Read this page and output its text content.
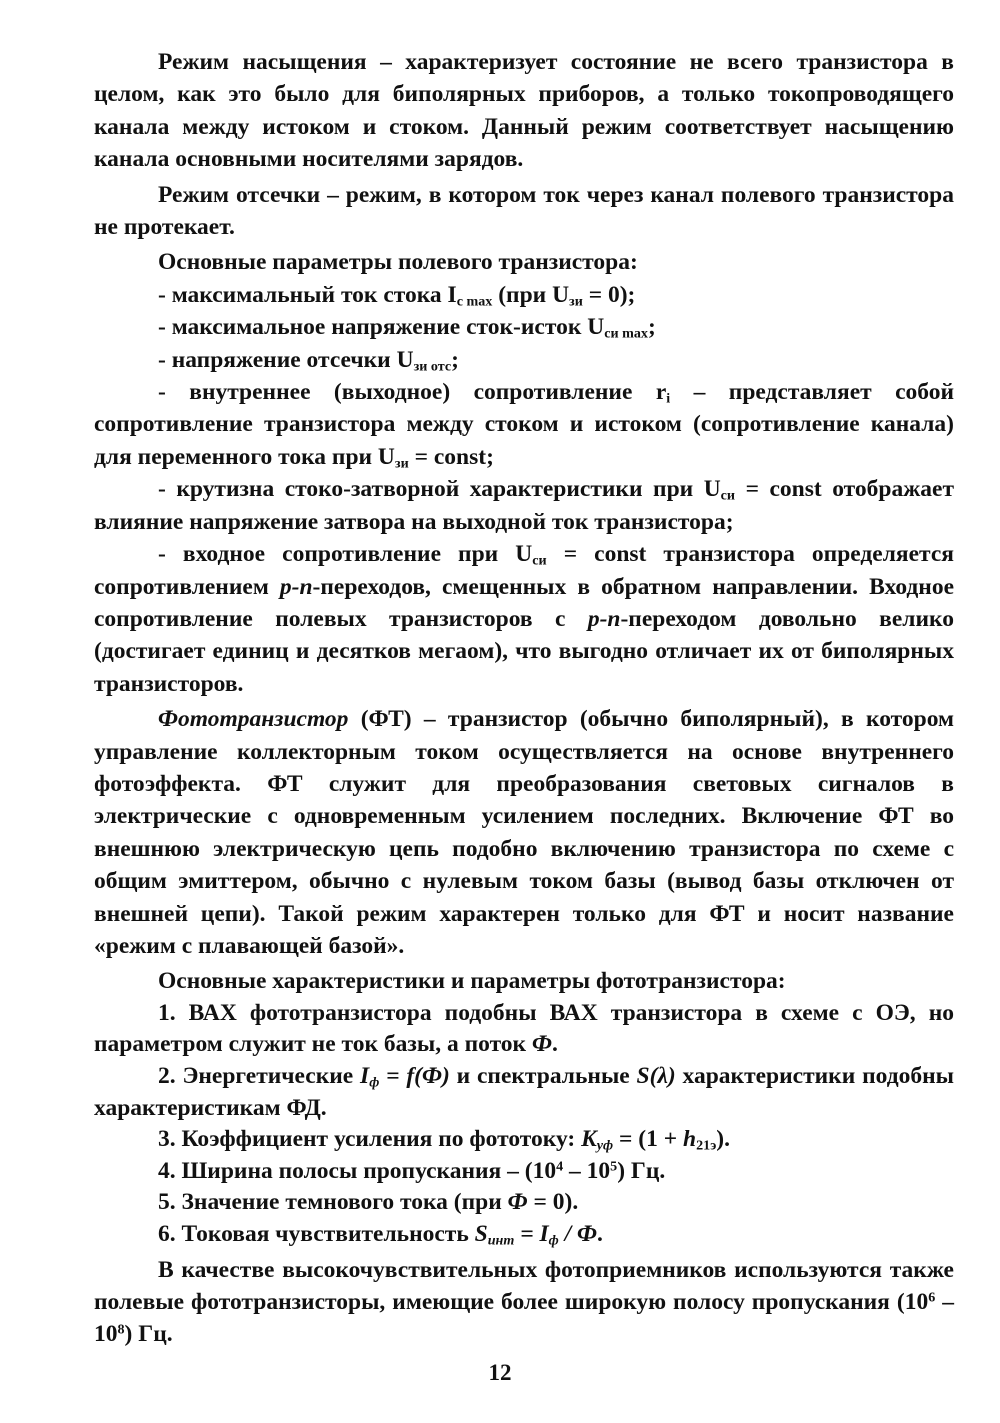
Режим насыщения – характеризует состояние не всего транзистора в целом, как это было для биполярных приборов, а только токопроводящего канала между истоком и стоком. Данный режим соответствует насыщению канала основными носителями зарядов.

Режим отсечки – режим, в котором ток через канал полевого транзистора не протекает.

Основные параметры полевого транзистора:

- максимальный ток стока $I_{с max}$ (при $U_{зи} = 0$);

- максимальное напряжение сток-исток $U_{си max}$;

- напряжение отсечки $U_{зи отс}$;

- внутреннее (выходное) сопротивление $r_i$ – представляет собой сопротивление транзистора между стоком и истоком (сопротивление канала) для переменного тока при $U_{зи}$ = const;

- крутизна стоко-затворной характеристики при $U_{си}$ = const отображает влияние напряжение затвора на выходной ток транзистора;

- входное сопротивление при $U_{си}$ = const транзистора определяется сопротивлением p-n-переходов, смещенных в обратном направлении. Входное сопротивление полевых транзисторов с p-n-переходом довольно велико (достигает единиц и десятков мегаом), что выгодно отличает их от биполярных транзисторов.

Фототранзистор (ФТ) – транзистор (обычно биполярный), в котором управление коллекторным током осуществляется на основе внутреннего фотоэффекта. ФТ служит для преобразования световых сигналов в электрические с одновременным усилением последних. Включение ФТ во внешнюю электрическую цепь подобно включению транзистора по схеме с общим эмиттером, обычно с нулевым током базы (вывод базы отключен от внешней цепи). Такой режим характерен только для ФТ и носит название «режим с плавающей базой».

Основные характеристики и параметры фототранзистора:

1. ВАХ фототранзистора подобны ВАХ транзистора в схеме с ОЭ, но параметром служит не ток базы, а поток Ф.

2. Энергетические $I_ф = f(Ф)$ и спектральные S(λ) характеристики подобны характеристикам ФД.

3. Коэффициент усиления по фототоку: $K_{уф} = (1 + h_{21э})$.

4. Ширина полосы пропускания – $(10^4 - 10^5)$ Гц.

5. Значение темнового тока (при Ф = 0).

6. Токовая чувствительность $S_{инт} = I_ф / Ф$.

В качестве высокочувствительных фотоприемников используются также полевые фототранзисторы, имеющие более широкую полосу пропускания $(10^6 - 10^8)$ Гц.

12
